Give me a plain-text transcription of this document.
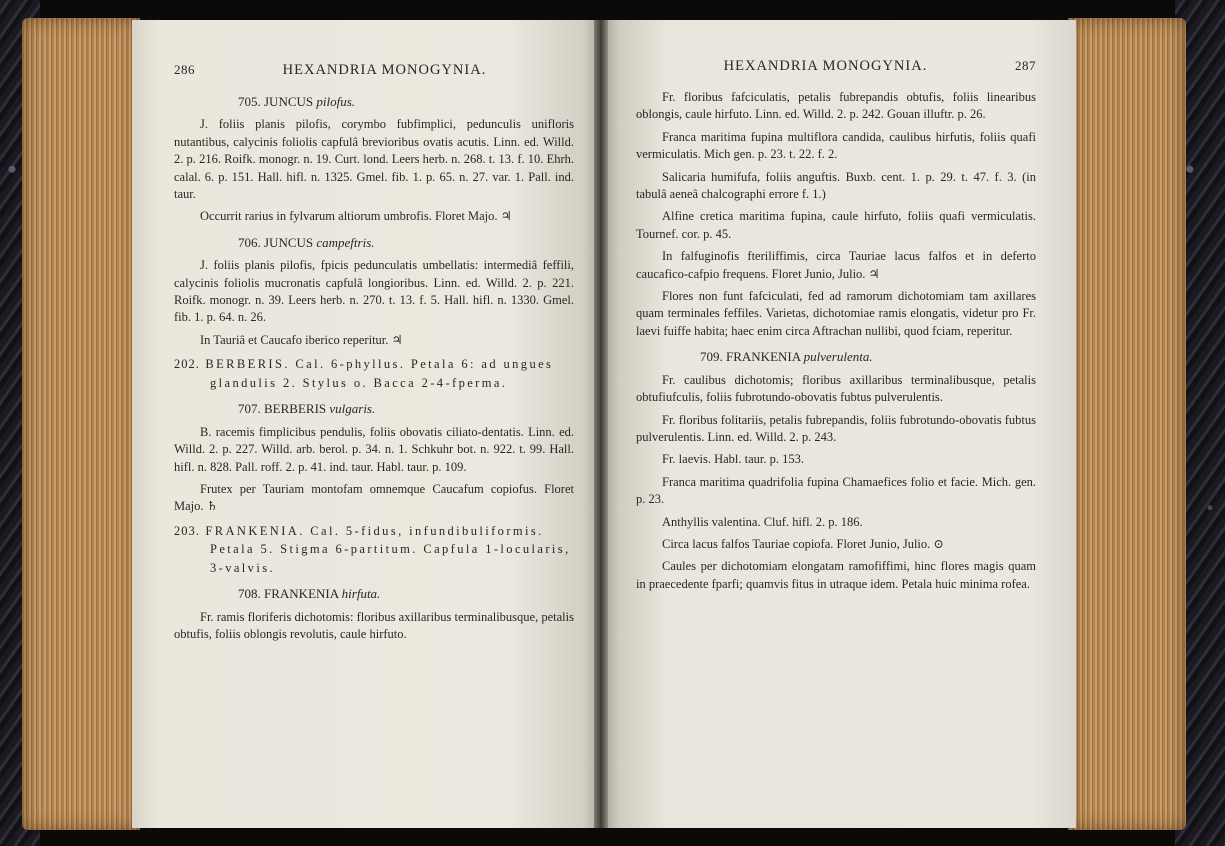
286	HEXANDRIA MONOGYNIA.

705. JUNCUS pilofus.

J. foliis planis pilofis, corymbo fubfimplici, pedunculis unifloris nutantibus, calycinis foliolis capfulâ brevioribus ovatis acutis. Linn. ed. Willd. 2. p. 216. Roifk. monogr. n. 19. Curt. lond. Leers herb. n. 268. t. 13. f. 10. Ehrh. calal. 6. p. 151. Hall. hifl. n. 1325. Gmel. fib. 1. p. 65. n. 27. var. 1. Pall. ind. taur.

Occurrit rarius in fylvarum altiorum umbrofis. Floret Majo. ♃

706. JUNCUS campeftris.

J. foliis planis pilofis, fpicis pedunculatis umbellatis: intermediâ feffili, calycinis foliolis mucronatis capfulâ longioribus. Linn. ed. Willd. 2. p. 221. Roifk. monogr. n. 39. Leers herb. n. 270. t. 13. f. 5. Hall. hifl. n. 1330. Gmel. fib. 1. p. 64. n. 26.

In Tauriâ et Caucafo iberico reperitur. ♃

202. BERBERIS. Cal. 6-phyllus. Petala 6: ad ungues glandulis 2. Stylus o. Bacca 2-4-fperma.

707. BERBERIS vulgaris.

B. racemis fimplicibus pendulis, foliis obovatis ciliato-dentatis. Linn. ed. Willd. 2. p. 227. Willd. arb. berol. p. 34. n. 1. Schkuhr bot. n. 922. t. 99. Hall. hifl. n. 828. Pall. roff. 2. p. 41. ind. taur. Habl. taur. p. 109.

Frutex per Tauriam montofam omnemque Caucafum copiofus. Floret Majo. ♄

203. FRANKENIA. Cal. 5-fidus, infundibuliformis. Petala 5. Stigma 6-partitum. Capfula 1-locularis, 3-valvis.

708. FRANKENIA hirfuta.

Fr. ramis floriferis dichotomis: floribus axillaribus terminalibusque, petalis obtufis, foliis oblongis revolutis, caule hirfuto.

HEXANDRIA MONOGYNIA.	287

Fr. floribus fafciculatis, petalis fubrepandis obtufis, foliis linearibus oblongis, caule hirfuto. Linn. ed. Willd. 2. p. 242. Gouan illuftr. p. 26.

Franca maritima fupina multiflora candida, caulibus hirfutis, foliis quafi vermiculatis. Mich gen. p. 23. t. 22. f. 2.

Salicaria humifufa, foliis anguftis. Buxb. cent. 1. p. 29. t. 47. f. 3. (in tabulâ aeneâ chalcographi errore f. 1.)

Alfine cretica maritima fupina, caule hirfuto, foliis quafi vermiculatis. Tournef. cor. p. 45.

In falfuginofis fteriliffimis, circa Tauriae lacus falfos et in deferto caucafico-cafpio frequens. Floret Junio, Julio. ♃

Flores non funt fafciculati, fed ad ramorum dichotomiam tam axillares quam terminales feffiles. Varietas, dichotomiae ramis elongatis, videtur pro Fr. laevi fuiffe habita; haec enim circa Aftrachan nullibi, quod fciam, reperitur.

709. FRANKENIA pulverulenta.

Fr. caulibus dichotomis; floribus axillaribus terminalibusque, petalis obtufiufculis, foliis fubrotundo-obovatis fubtus pulverulentis.

Fr. floribus folitariis, petalis fubrepandis, foliis fubrotundo-obovatis fubtus pulverulentis. Linn. ed. Willd. 2. p. 243.

Fr. laevis. Habl. taur. p. 153.

Franca maritima quadrifolia fupina Chamaefices folio et facie. Mich. gen. p. 23.

Anthyllis valentina. Cluf. hifl. 2. p. 186.

Circa lacus falfos Tauriae copiofa. Floret Junio, Julio. ⊙

Caules per dichotomiam elongatam ramofiffimi, hinc flores magis quam in praecedente fparfi; quamvis fitus in utraque idem. Petala huic minima rofea.
